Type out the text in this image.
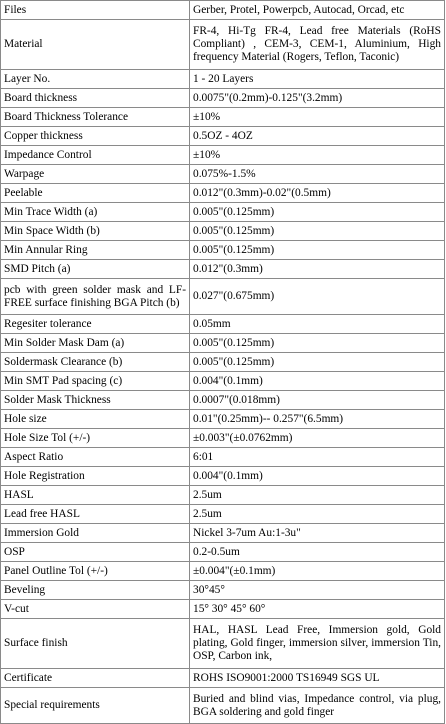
Files	Gerber, Protel, Powerpcb, Autocad, Orcad, etc
Material	FR-4, Hi-Tg FR-4, Lead free Materials (RoHS Compliant) , CEM-3, CEM-1, Aluminium, High frequency Material (Rogers, Teflon, Taconic)
Layer No.	1 - 20 Layers
Board thickness	0.0075"(0.2mm)-0.125"(3.2mm)
Board Thickness Tolerance	±10%
Copper thickness	0.5OZ - 4OZ
Impedance Control	±10%
Warpage	0.075%-1.5%
Peelable	0.012"(0.3mm)-0.02"(0.5mm)
Min Trace Width (a)	0.005"(0.125mm)
Min Space Width (b)	0.005"(0.125mm)
Min Annular Ring	0.005"(0.125mm)
SMD Pitch (a)	0.012"(0.3mm)
pcb with green solder mask and LF-FREE surface finishing BGA Pitch (b)	0.027"(0.675mm)
Regesiter tolerance	0.05mm
Min Solder Mask Dam (a)	0.005"(0.125mm)
Soldermask Clearance (b)	0.005"(0.125mm)
Min SMT Pad spacing (c)	0.004"(0.1mm)
Solder Mask Thickness	0.0007"(0.018mm)
Hole size	0.01"(0.25mm)-- 0.257"(6.5mm)
Hole Size Tol (+/-)	±0.003"(±0.0762mm)
Aspect Ratio	6:01
Hole Registration	0.004"(0.1mm)
HASL	2.5um
Lead free HASL	2.5um
Immersion Gold	Nickel 3-7um Au:1-3u"
OSP	0.2-0.5um
Panel Outline Tol (+/-)	±0.004"(±0.1mm)
Beveling	30°45°
V-cut	15° 30° 45° 60°
Surface finish	HAL, HASL Lead Free, Immersion gold, Gold plating, Gold finger, immersion silver, immersion Tin, OSP, Carbon ink,
Certificate	ROHS ISO9001:2000 TS16949 SGS UL
Special requirements	Buried and blind vias, Impedance control, via plug, BGA soldering and gold finger
